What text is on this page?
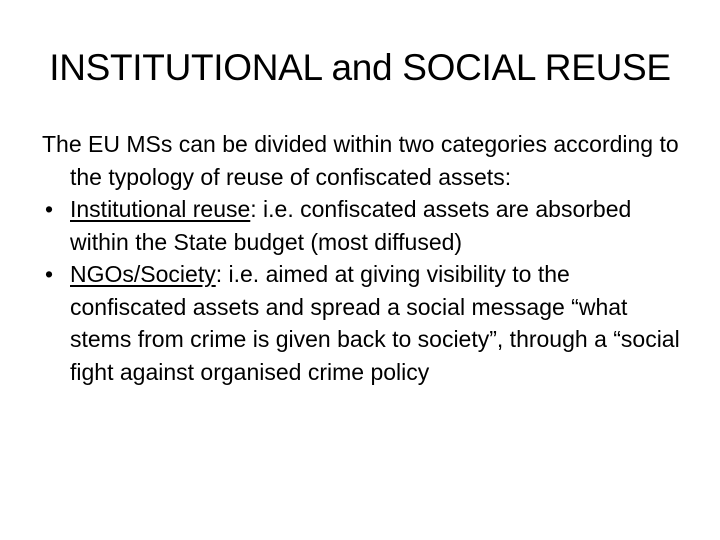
INSTITUTIONAL and SOCIAL REUSE

The EU MSs can be divided within two categories according to the typology of reuse of confiscated assets:

• Institutional reuse: i.e. confiscated assets are absorbed within the State budget (most diffused)
• NGOs/Society: i.e. aimed at giving visibility to the confiscated assets and spread a social message “what stems from crime is given back to society”, through a “social fight against organised crime policy
